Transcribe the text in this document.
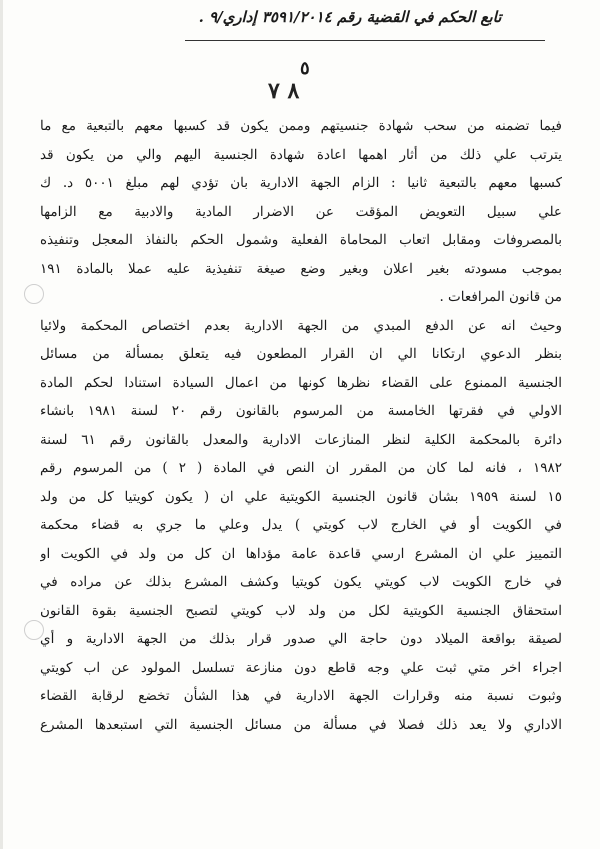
تابع الحكم في القضية رقم ٣٥٩١/٢٠١٤ إداري/٩ .
٥
٨ ٧
فيما تضمنه من سحب شهادة جنسيتهم وممن يكون قد كسبها معهم بالتبعية مع ما
يترتب علي ذلك من أثار اهمها اعادة شهادة الجنسية اليهم والي من يكون قد
كسبها معهم بالتبعية ثانيا : الزام الجهة الادارية بان تؤدي لهم مبلغ ٥٠٠١ د. ك
علي سبيل التعويض المؤقت عن الاضرار المادية والادبية مع الزامها
بالمصروفات ومقابل اتعاب المحاماة الفعلية وشمول الحكم بالنفاذ المعجل وتنفيذه
بموجب مسودته بغير اعلان وبغير وضع صيغة تنفيذية عليه عملا بالمادة ١٩١
من قانون المرافعات .
وحيث انه عن الدفع المبدي من الجهة الادارية بعدم اختصاص المحكمة ولائيا
بنظر الدعوي ارتكانا الي ان القرار المطعون فيه يتعلق بمسألة من مسائل
الجنسية الممنوع على القضاء نظرها كونها من اعمال السيادة استنادا لحكم المادة
الاولي في فقرتها الخامسة من المرسوم بالقانون رقم ٢٠ لسنة ١٩٨١ بانشاء
دائرة بالمحكمة الكلية لنظر المنازعات الادارية والمعدل بالقانون رقم ٦١ لسنة
١٩٨٢ ، فانه لما كان من المقرر ان النص في المادة ( ٢ ) من المرسوم رقم
١٥ لسنة ١٩٥٩ بشان قانون الجنسية الكويتية علي ان ( يكون كويتيا كل من ولد
في الكويت أو في الخارج لاب كويتي ) يدل وعلي ما جري به قضاء محكمة
التمييز علي ان المشرع ارسي قاعدة عامة مؤداها ان كل من ولد في الكويت او
في خارج الكويت لاب كويتي يكون كويتيا وكشف المشرع بذلك عن مراده في
استحقاق الجنسية الكويتية لكل من ولد لاب كويتي لتصبح الجنسية بقوة القانون
لصيقة بواقعة الميلاد دون حاجة الي صدور قرار بذلك من الجهة الادارية و أي
اجراء اخر متي ثبت علي وجه قاطع دون منازعة تسلسل المولود عن اب كويتي
وثبوت نسبة منه وقرارات الجهة الادارية في هذا الشأن تخضع لرقابة القضاء
الاداري ولا يعد ذلك فصلا في مسألة من مسائل الجنسية التي استبعدها المشرع
